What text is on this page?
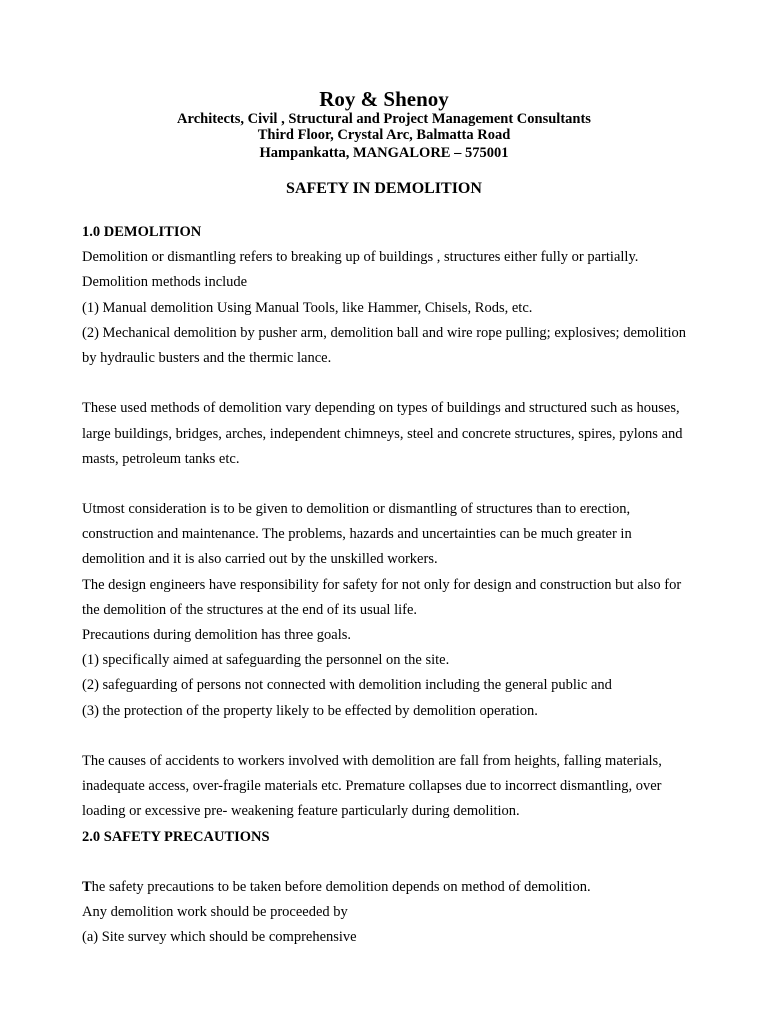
Roy & Shenoy
Architects, Civil , Structural and Project Management Consultants
Third Floor, Crystal Arc, Balmatta Road
Hampankatta, MANGALORE – 575001
SAFETY IN DEMOLITION
1.0 DEMOLITION
Demolition or dismantling refers to breaking up of buildings , structures either fully or partially.
Demolition methods include
(1) Manual demolition Using Manual Tools, like Hammer, Chisels, Rods, etc.
(2) Mechanical demolition by pusher arm, demolition ball and wire rope pulling; explosives; demolition
by hydraulic busters and the thermic lance.
These used methods of demolition vary depending on types of buildings and structured such as houses,
large buildings, bridges, arches, independent chimneys, steel and concrete structures, spires, pylons and
masts, petroleum tanks etc.
Utmost consideration is to be given to demolition or dismantling of structures than to erection,
construction and maintenance. The problems, hazards and uncertainties can be much greater in
demolition and it is also carried out by the unskilled workers.
The design engineers have responsibility for safety for not only for design and construction but also for
the demolition of the structures at the end of its usual life.
Precautions during demolition has three goals.
(1) specifically aimed at safeguarding the personnel on the site.
(2) safeguarding of persons not connected with demolition including the general public and
(3) the protection of the property likely to be effected by demolition operation.
The causes of accidents to workers involved with demolition are fall from heights, falling materials,
inadequate access, over-fragile materials etc. Premature collapses due to incorrect dismantling, over
loading or excessive pre- weakening feature particularly during demolition.
2.0 SAFETY PRECAUTIONS
The safety precautions to be taken before demolition depends on method of demolition.
Any demolition work should be proceeded by
(a) Site survey which should be comprehensive
